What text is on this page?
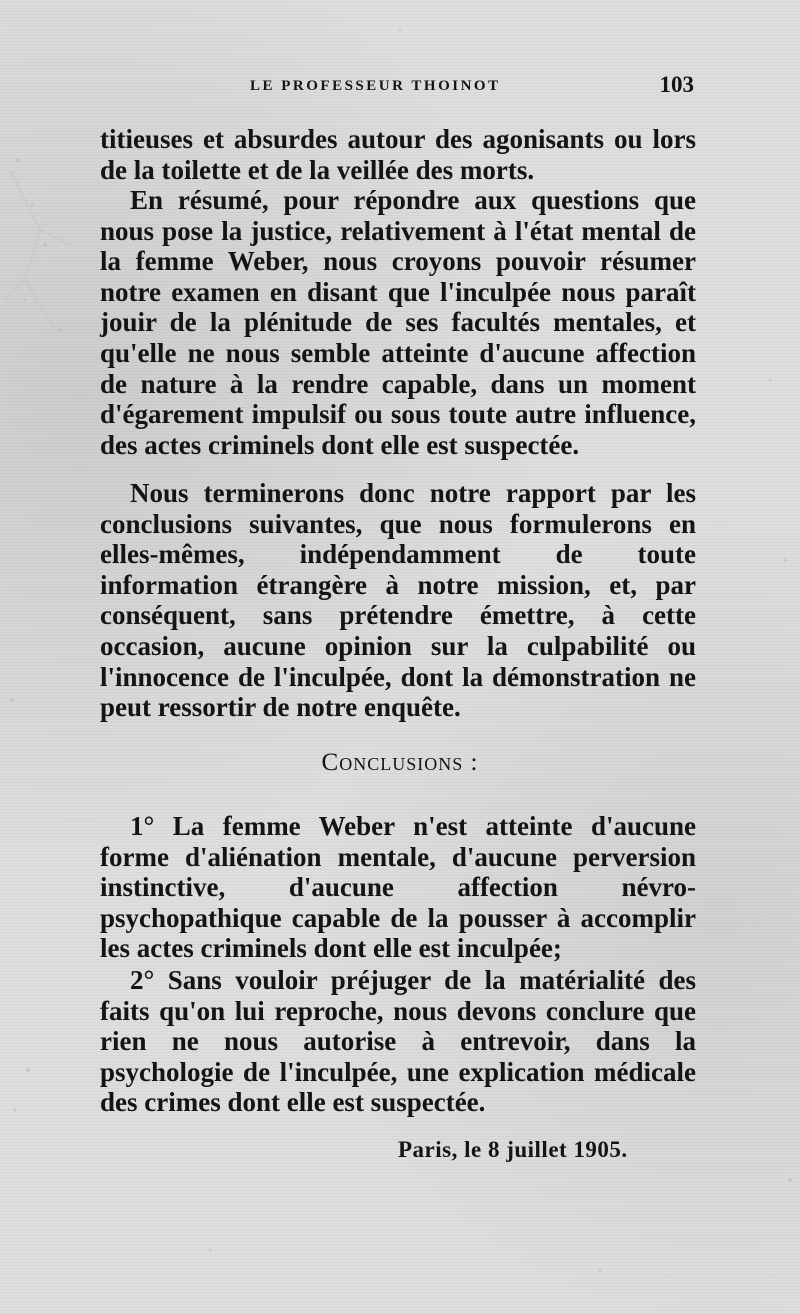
LE PROFESSEUR THOINOT	103

titieuses et absurdes autour des agonisants ou lors de la toilette et de la veillée des morts.

En résumé, pour répondre aux questions que nous pose la justice, relativement à l'état mental de la femme Weber, nous croyons pouvoir résumer notre examen en disant que l'inculpée nous paraît jouir de la plénitude de ses facultés mentales, et qu'elle ne nous semble atteinte d'aucune affection de nature à la rendre capable, dans un moment d'égarement impulsif ou sous toute autre influence, des actes criminels dont elle est suspectée.

Nous terminerons donc notre rapport par les conclusions suivantes, que nous formulerons en elles-mêmes, indépendamment de toute information étrangère à notre mission, et, par conséquent, sans prétendre émettre, à cette occasion, aucune opinion sur la culpabilité ou l'innocence de l'inculpée, dont la démonstration ne peut ressortir de notre enquête.

Conclusions :

1° La femme Weber n'est atteinte d'aucune forme d'aliénation mentale, d'aucune perversion instinctive, d'aucune affection névro-psychopathique capable de la pousser à accomplir les actes criminels dont elle est inculpée;

2° Sans vouloir préjuger de la matérialité des faits qu'on lui reproche, nous devons conclure que rien ne nous autorise à entrevoir, dans la psychologie de l'inculpée, une explication médicale des crimes dont elle est suspectée.

Paris, le 8 juillet 1905.
